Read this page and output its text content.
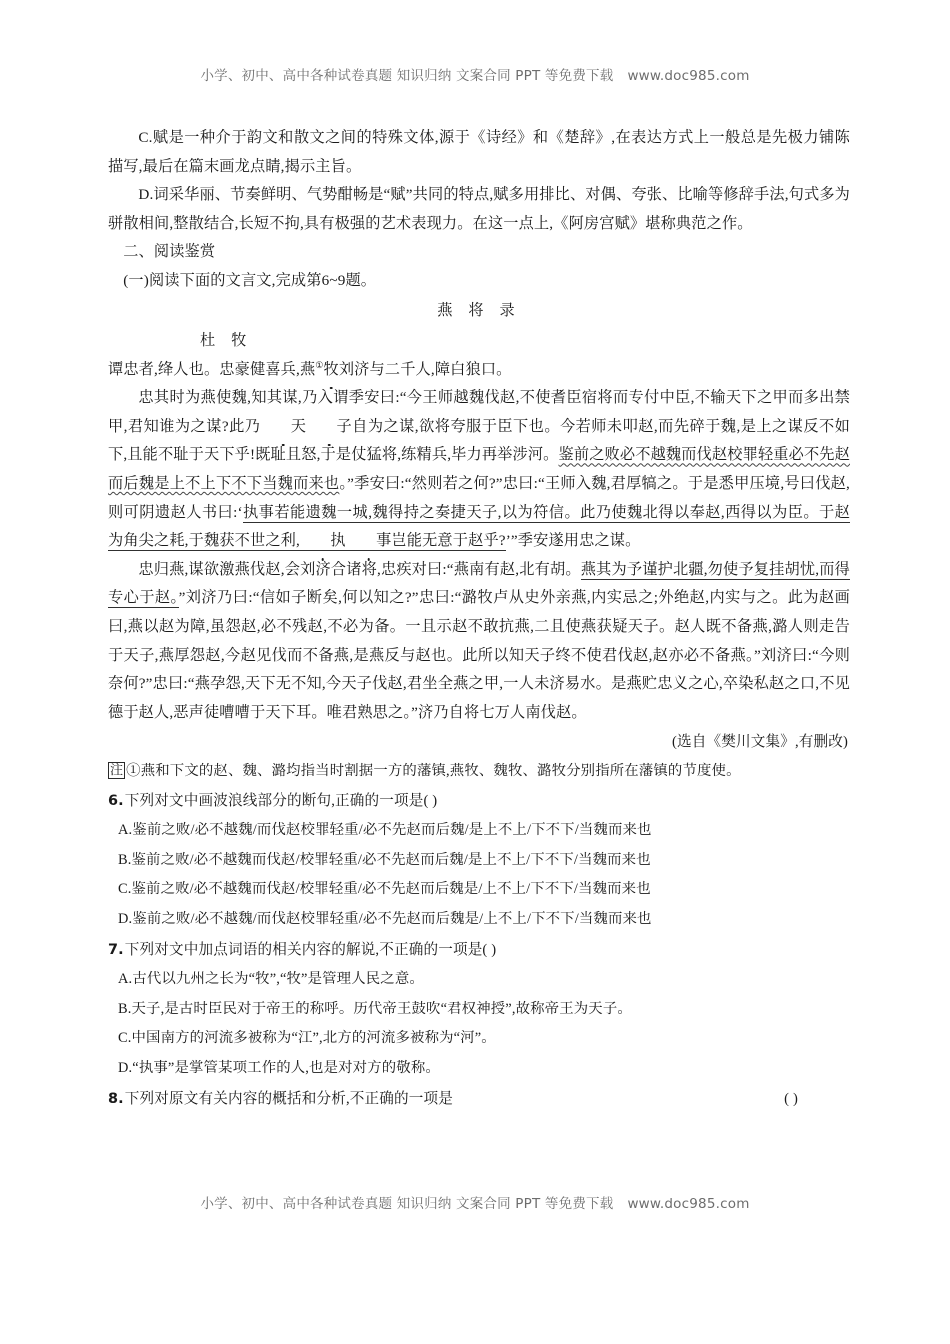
小学、初中、高中各种试卷真题 知识归纳 文案合同 PPT 等免费下载 www.doc985.com

C.赋是一种介于韵文和散文之间的特殊文体,源于《诗经》和《楚辞》,在表达方式上一般总是先极力铺陈描写,最后在篇末画龙点睛,揭示主旨。

D.词采华丽、节奏鲜明、气势酣畅是“赋”共同的特点,赋多用排比、对偶、夸张、比喻等修辞手法,句式多为骈散相间,整散结合,长短不拘,具有极强的艺术表现力。在这一点上,《阿房宫赋》堪称典范之作。

二、阅读鉴赏

(一)阅读下面的文言文,完成第6~9题。

燕 将 录

杜 牧

谭忠者,绛人也。忠豪健喜兵,燕①牧刘济与二千人,障白狼口。

忠其时为燕使魏,知其谋,乃入谓季安曰:“今王师越魏伐赵,不使耆臣宿将而专付中臣,不输天下之甲而多出禁甲,君知谁为之谋?此乃 天 子自为之谋,欲将夸服于臣下也。今若师未叩赵,而先碎于魏,是上之谋反不如下,且能不耻于天下乎!既耻且怒,于是仗猛将,练精兵,毕力再举涉河。鉴前之败必不越魏而伐赵校罪轻重必不先赵而后魏是上不上下不下当魏而来也。”季安曰:“然则若之何?”忠曰:“王师入魏,君厚犒之。于是悉甲压境,号曰伐赵,则可阴遗赵人书曰:‘执事若能遗魏一城,魏得持之奏捷天子,以为符信。此乃使魏北得以奉赵,西得以为臣。于赵为角尖之耗,于魏获不世之利, 执 事岂能无意于赵乎?’”季安遂用忠之谋。

忠归燕,谋欲激燕伐赵,会刘济合诸将,忠疾对曰:“燕南有赵,北有胡。燕其为予谨护北疆,勿使予复挂胡忧,而得专心于赵。”刘济乃曰:“信如子断矣,何以知之?”忠曰:“潞牧卢从史外亲燕,内实忌之;外绝赵,内实与之。此为赵画曰,燕以赵为障,虽怨赵,必不残赵,不必为备。一且示赵不敢抗燕,二且使燕获疑天子。赵人既不备燕,潞人则走告于天子,燕厚怨赵,今赵见伐而不备燕,是燕反与赵也。此所以知天子终不使君伐赵,赵亦必不备燕。”刘济曰:“今则奈何?”忠曰:“燕孕怨,天下无不知,今天子伐赵,君坐全燕之甲,一人未济易水。是燕贮忠义之心,卒染私赵之口,不见德于赵人,恶声徒嘈嘈于天下耳。唯君熟思之。”济乃自将七万人南伐赵。

(选自《樊川文集》,有删改)

注 ①燕和下文的赵、魏、潞均指当时割据一方的藩镇,燕牧、魏牧、潞牧分别指所在藩镇的节度使。

6.下列对文中画波浪线部分的断句,正确的一项是( )

A.鉴前之败/必不越魏/而伐赵校罪轻重/必不先赵而后魏/是上不上/下不下/当魏而来也

B.鉴前之败/必不越魏而伐赵/校罪轻重/必不先赵而后魏/是上不上/下不下/当魏而来也

C.鉴前之败/必不越魏而伐赵/校罪轻重/必不先赵而后魏是/上不上/下不下/当魏而来也

D.鉴前之败/必不越魏/而伐赵校罪轻重/必不先赵而后魏是/上不上/下不下/当魏而来也

7.下列对文中加点词语的相关内容的解说,不正确的一项是( )

A.古代以九州之长为“牧”,“牧”是管理人民之意。

B.天子,是古时臣民对于帝王的称呼。历代帝王鼓吹“君权神授”,故称帝王为天子。

C.中国南方的河流多被称为“江”,北方的河流多被称为“河”。

D.“执事”是掌管某项工作的人,也是对对方的敬称。

8.下列对原文有关内容的概括和分析,不正确的一项是	( )

小学、初中、高中各种试卷真题 知识归纳 文案合同 PPT 等免费下载 www.doc985.com
